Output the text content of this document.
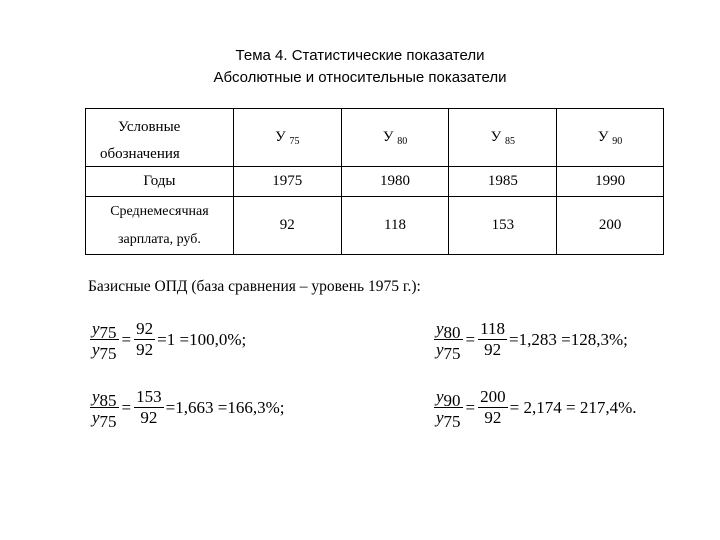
Тема 4. Статистические показатели
Абсолютные и относительные показатели
Условные
обозначения	У $_{75}$	У $_{80}$	У $_{85}$	У $_{90}$
Годы	1975	1980	1985	1990

Среднемесячная
зарплата, руб.	92	118	153	200
Базисные ОПД (база сравнения – уровень 1975 г.):
$\frac{y75}{y75} = \frac{92}{92} =1 =100,0\%$;	$\frac{y80}{y75} = \frac{118}{92} =1,283 =128,3\%$;
$\frac{y85}{y75} = \frac{153}{92} =1,663 =166,3\%$;	$\frac{y90}{y75} = \frac{200}{92} = 2,174 = 217,4\%$.
